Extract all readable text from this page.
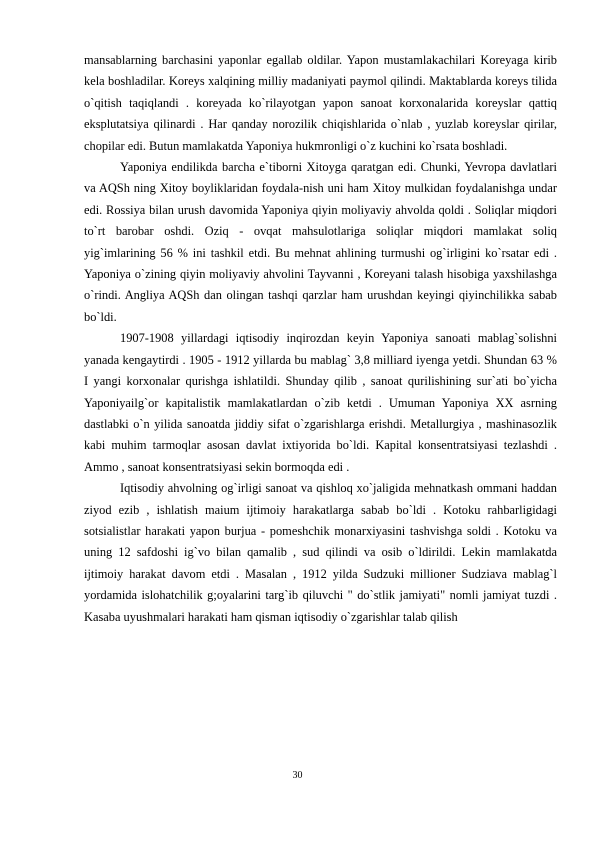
mansablarning barchasini yaponlar egallab oldilar. Yapon mustamlakachilari Koreyaga kirib kela boshladilar. Koreys xalqining milliy madaniyati paymol qilindi. Maktablarda koreys tilida o`qitish taqiqlandi . koreyada ko`rilayotgan yapon sanoat korxonalarida koreyslar qattiq eksplutatsiya qilinardi . Har qanday norozilik chiqishlarida o`nlab , yuzlab koreyslar qirilar, chopilar edi. Butun mamlakatda Yaponiya hukmronligi o`z kuchini ko`rsata boshladi.

Yaponiya endilikda barcha e`tiborni Xitoyga qaratgan edi. Chunki, Yevropa davlatlari va AQSh ning Xitoy boyliklaridan foydala-nish uni ham Xitoy mulkidan foydalanishga undar edi. Rossiya bilan urush davomida Yaponiya qiyin moliyaviy ahvolda qoldi . Soliqlar miqdori to`rt barobar oshdi. Oziq - ovqat mahsulotlariga soliqlar miqdori mamlakat soliq yig`imlarining 56 % ini tashkil etdi. Bu mehnat ahlining turmushi og`irligini ko`rsatar edi . Yaponiya o`zining qiyin moliyaviy ahvolini Tayvanni , Koreyani talash hisobiga yaxshilashga o`rindi. Angliya AQSh dan olingan tashqi qarzlar ham urushdan keyingi qiyinchilikka sabab bo`ldi.

1907-1908 yillardagi iqtisodiy inqirozdan keyin Yaponiya sanoati mablag`solishni yanada kengaytirdi . 1905 - 1912 yillarda bu mablag` 3,8 milliard iyenga yetdi. Shundan 63 % I yangi korxonalar qurishga ishlatildi. Shunday qilib , sanoat qurilishining sur`ati bo`yicha Yaponiyailg`or kapitalistik mamlakatlardan o`zib ketdi . Umuman Yaponiya XX asrning dastlabki o`n yilida sanoatda jiddiy sifat o`zgarishlarga erishdi. Metallurgiya , mashinasozlik kabi muhim tarmoqlar asosan davlat ixtiyorida bo`ldi. Kapital konsentratsiyasi tezlashdi . Ammo , sanoat konsentratsiyasi sekin bormoqda edi .

Iqtisodiy ahvolning og`irligi sanoat va qishloq xo`jaligida mehnatkash ommani haddan ziyod ezib , ishlatish maium ijtimoiy harakatlarga sabab bo`ldi . Kotoku rahbarligidagi sotsialistlar harakati yapon burjua - pomeshchik monarxiyasini tashvishga soldi . Kotoku va uning 12 safdoshi ig`vo bilan qamalib , sud qilindi va osib o`ldirildi. Lekin mamlakatda ijtimoiy harakat davom etdi . Masalan , 1912 yilda Sudzuki millioner Sudziava mablag`l yordamida islohatchilik g;oyalarini targ`ib qiluvchi " do`stlik jamiyati" nomli jamiyat tuzdi . Kasaba uyushmalari harakati ham qisman iqtisodiy o`zgarishlar talab qilish

30
